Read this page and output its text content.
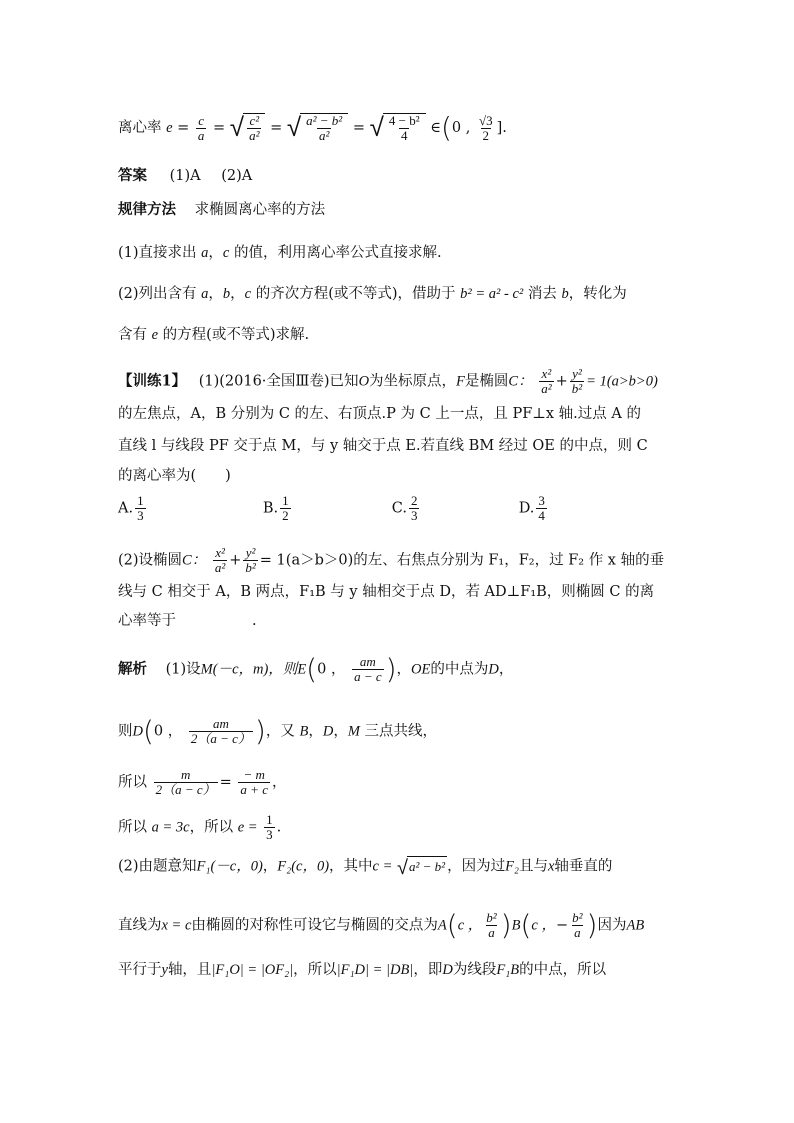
离心率 $e = \frac{c}{a}$ = √ $\frac{\text{c²}}{\text{a²}}$ = √ $\frac{\text{a² − b²}}{\text{a²}}$ = √ $\frac{\text{4 − b²}}{4}$ ∈(0 , $\frac{√3}{2}$ ].
答案 (1)A (2)A
规律方法 求椭圆离心率的方法
(1)直接求出 a，c 的值，利用离心率公式直接求解.
(2)列出含有 a，b，c 的齐次方程(或不等式)，借助于 b² = a² - c² 消去 b，转化为
含有 e 的方程(或不等式)求解.
【训练1】 (1)(2016·全国Ⅲ卷)已知O为坐标原点，F是椭圆C： $\frac{\text{x²}}{\text{a²}} + \frac{\text{y²}}{\text{b²}} = 1(a>b>0)$
的左焦点，A，B 分别为 C 的左、右顶点.P 为 C 上一点，且 PF⊥x 轴.过点 A 的
直线 l 与线段 PF 交于点 M，与 y 轴交于点 E.若直线 BM 经过 OE 的中点，则 C
的离心率为(　　)
A. $\frac{1}{3}$	B. $\frac{1}{2}$	C. $\frac{2}{3}$	D. $\frac{3}{4}$
(2)设椭圆C： $\frac{\text{x²}}{\text{a²}} + \frac{\text{y²}}{\text{b²}} = 1(a>b>0)$的左、右焦点分别为 F₁，F₂，过 F₂ 作 x 轴的垂
线与 C 相交于 A，B 两点，F₁B 与 y 轴相交于点 D，若 AD⊥F₁B，则椭圆 C 的离
心率等于	.
解析 (1)设M(－c，m)，则E(0 ， $\frac{am}{a - c}$ )，OE的中点为D，
则D(0 ， $\frac{am}{2(a - c)}$ )，又 B，D，M 三点共线，
所以 $\frac{m}{2(a - c)} = \frac{- m}{a + c}$ ，
所以 a = 3c，所以 $e = \frac{1}{3}$ .
(2)由题意知F₁(－c，0)，F₂(c，0)，其中c = √ a² − b² ，因为过F₂且与x轴垂直的
直线为x = c由椭圆的对称性可设它与椭圆的交点为A(c ， $\frac{\text{b²}}{a} )B(c$ ，− $\frac{\text{b²}}{a}$ )因为AB
平行于y轴，且|F₁O| = |OF₂|，所以|F₁D| = |DB|，即D为线段F₁B的中点，所以
